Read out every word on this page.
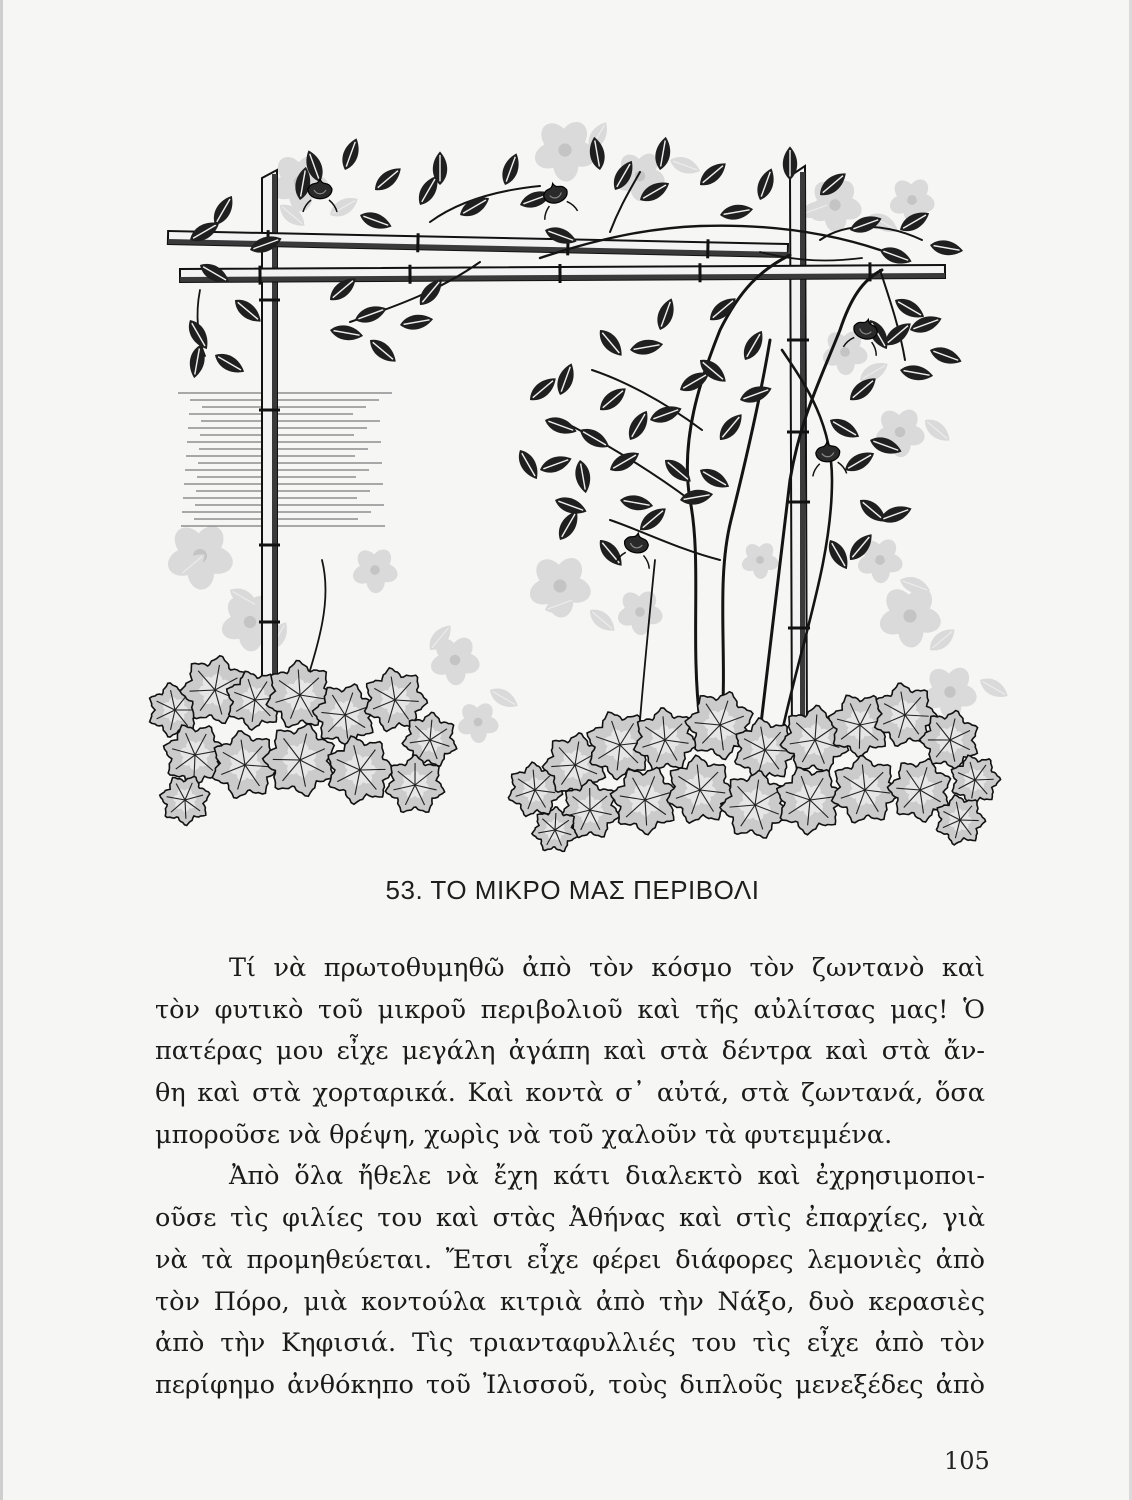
53. ΤΟ ΜΙΚΡΟ ΜΑΣ ΠΕΡΙΒΟΛΙ
Τί νὰ πρωτοθυμηθῶ ἀπὸ τὸν κόσμο τὸν ζωντανὸ καὶ
τὸν φυτικὸ τοῦ μικροῦ περιβολιοῦ καὶ τῆς αὐλίτσας μας! Ὁ
πατέρας μου εἶχε μεγάλη ἀγάπη καὶ στὰ δέντρα καὶ στὰ ἄν-
θη καὶ στὰ χορταρικά. Καὶ κοντὰ σ᾽ αὐτά, στὰ ζωντανά, ὅσα
μποροῦσε νὰ θρέψη, χωρὶς νὰ τοῦ χαλοῦν τὰ φυτεμμένα.
Ἀπὸ ὅλα ἤθελε νὰ ἔχη κάτι διαλεκτὸ καὶ ἐχρησιμοποι-
οῦσε τὶς φιλίες του καὶ στὰς Ἀθήνας καὶ στὶς ἐπαρχίες, γιὰ
νὰ τὰ προμηθεύεται. Ἔτσι εἶχε φέρει διάφορες λεμονιὲς ἀπὸ
τὸν Πόρο, μιὰ κοντούλα κιτριὰ ἀπὸ τὴν Νάξο, δυὸ κερασιὲς
ἀπὸ τὴν Κηφισιά. Τὶς τριανταφυλλιές του τὶς εἶχε ἀπὸ τὸν
περίφημο ἀνθόκηπο τοῦ Ἰλισσοῦ, τοὺς διπλοῦς μενεξέδες ἀπὸ
105
